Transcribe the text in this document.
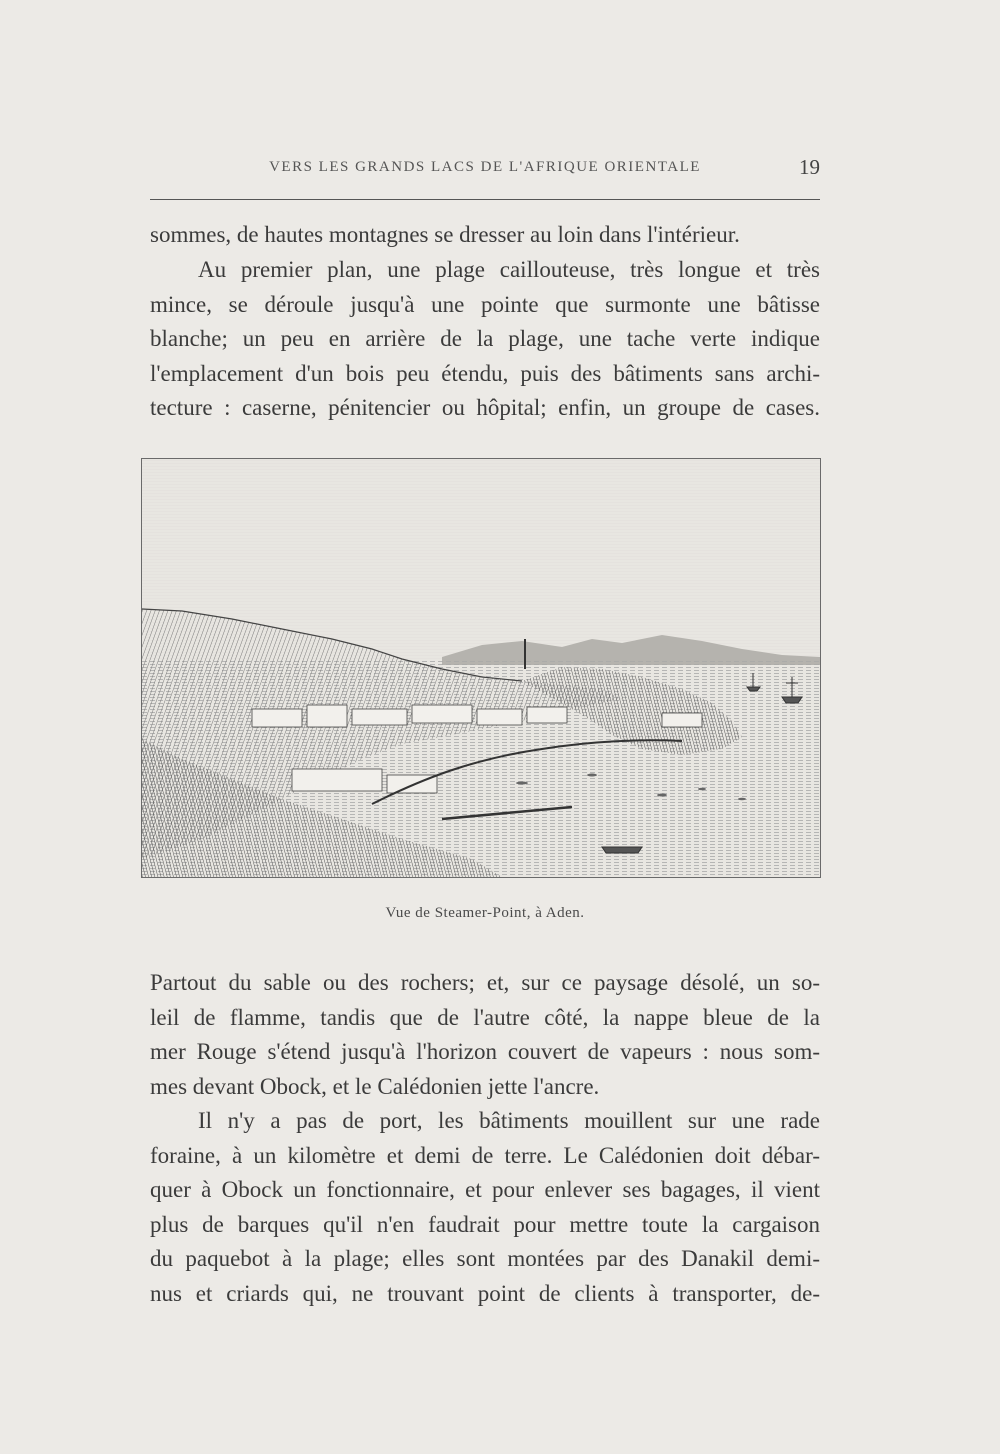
VERS LES GRANDS LACS DE L'AFRIQUE ORIENTALE	19

sommes, de hautes montagnes se dresser au loin dans l'intérieur.

Au premier plan, une plage caillouteuse, très longue et très
mince, se déroule jusqu'à une pointe que surmonte une bâtisse
blanche; un peu en arrière de la plage, une tache verte indique
l'emplacement d'un bois peu étendu, puis des bâtiments sans archi-
tecture : caserne, pénitencier ou hôpital; enfin, un groupe de cases.

Vue de Steamer-Point, à Aden.

Partout du sable ou des rochers; et, sur ce paysage désolé, un so-
leil de flamme, tandis que de l'autre côté, la nappe bleue de la
mer Rouge s'étend jusqu'à l'horizon couvert de vapeurs : nous som-
mes devant Obock, et le Calédonien jette l'ancre.

Il n'y a pas de port, les bâtiments mouillent sur une rade
foraine, à un kilomètre et demi de terre. Le Calédonien doit débar-
quer à Obock un fonctionnaire, et pour enlever ses bagages, il vient
plus de barques qu'il n'en faudrait pour mettre toute la cargaison
du paquebot à la plage; elles sont montées par des Danakil demi-
nus et criards qui, ne trouvant point de clients à transporter, de-
